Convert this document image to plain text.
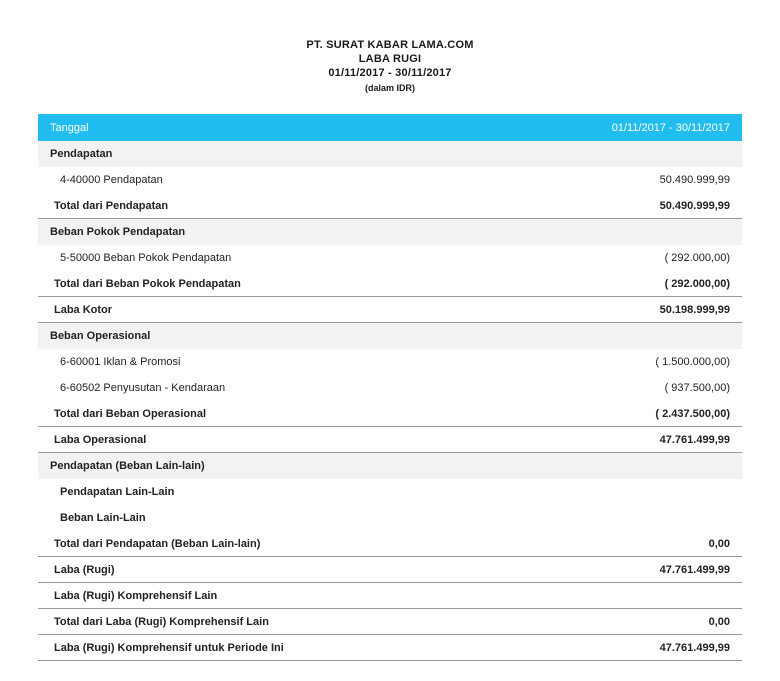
PT. SURAT KABAR LAMA.COM
LABA RUGI
01/11/2017 - 30/11/2017
(dalam IDR)
Tanggal	01/11/2017 - 30/11/2017
Pendapatan	
4-40000 Pendapatan	50.490.999,99
Total dari Pendapatan	50.490.999,99
Beban Pokok Pendapatan	
5-50000 Beban Pokok Pendapatan	( 292.000,00)
Total dari Beban Pokok Pendapatan	( 292.000,00)
Laba Kotor	50.198.999,99
Beban Operasional	
6-60001 Iklan & Promosi	( 1.500.000,00)
6-60502 Penyusutan - Kendaraan	( 937.500,00)
Total dari Beban Operasional	( 2.437.500,00)
Laba Operasional	47.761.499,99
Pendapatan (Beban Lain-lain)	
Pendapatan Lain-Lain	
Beban Lain-Lain	
Total dari Pendapatan (Beban Lain-lain)	0,00
Laba (Rugi)	47.761.499,99
Laba (Rugi) Komprehensif Lain	
Total dari Laba (Rugi) Komprehensif Lain	0,00
Laba (Rugi) Komprehensif untuk Periode Ini	47.761.499,99
